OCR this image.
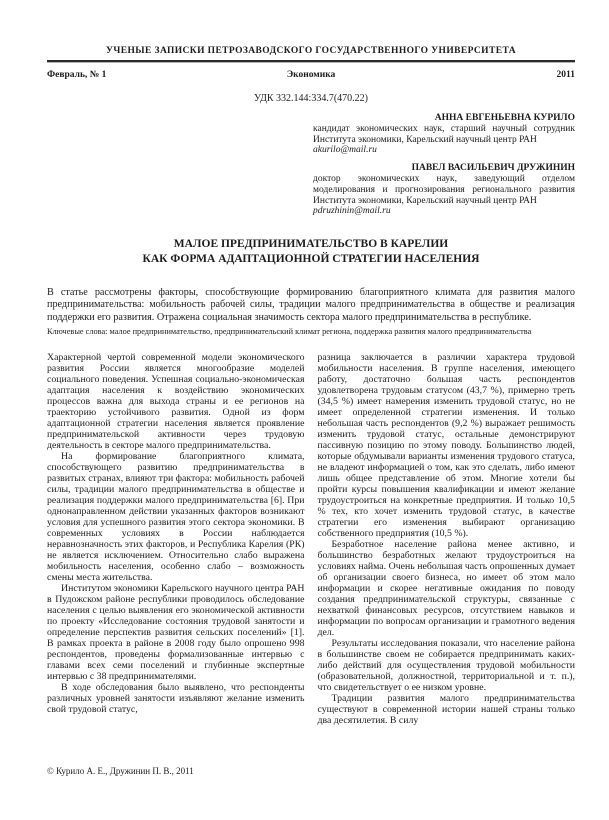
УЧЕНЫЕ ЗАПИСКИ ПЕТРОЗАВОДСКОГО ГОСУДАРСТВЕННОГО УНИВЕРСИТЕТА
Февраль, № 1	Экономика	2011
УДК 332.144:334.7(470.22)
АННА ЕВГЕНЬЕВНА КУРИЛО
кандидат экономических наук, старший научный сотрудник Института экономики, Карельский научный центр РАН
akurilo@mail.ru
ПАВЕЛ ВАСИЛЬЕВИЧ ДРУЖИНИН
доктор экономических наук, заведующий отделом моделирования и прогнозирования регионального развития Института экономики, Карельский научный центр РАН
pdruzhinin@mail.ru
МАЛОЕ ПРЕДПРИНИМАТЕЛЬСТВО В КАРЕЛИИ
КАК ФОРМА АДАПТАЦИОННОЙ СТРАТЕГИИ НАСЕЛЕНИЯ

В статье рассмотрены факторы, способствующие формированию благоприятного климата для развития малого предпринимательства: мобильность рабочей силы, традиции малого предпринимательства в обществе и реализация поддержки его развития. Отражена социальная значимость сектора малого предпринимательства в республике.

Ключевые слова: малое предпринимательство, предпринимательский климат региона, поддержка развития малого предпринимательства

Характерной чертой современной модели экономического развития России является многообразие моделей социального поведения. Успешная социально-экономическая адаптация населения к воздействию экономических процессов важна для выхода страны и ее регионов на траекторию устойчивого развития. Одной из форм адаптационной стратегии населения является проявление предпринимательской активности через трудовую деятельность в секторе малого предпринимательства.

На формирование благоприятного климата, способствующего развитию предпринимательства в развитых странах, влияют три фактора: мобильность рабочей силы, традиции малого предпринимательства в обществе и реализация поддержки малого предпринимательства [6]. При однонаправленном действии указанных факторов возникают условия для успешного развития этого сектора экономики. В современных условиях в России наблюдается неравнозначность этих факторов, и Республика Карелия (РК) не является исключением. Относительно слабо выражена мобильность населения, особенно слабо – возможность смены места жительства.

Институтом экономики Карельского научного центра РАН в Пудожском районе республики проводилось обследование населения с целью выявления его экономической активности по проекту «Исследование состояния трудовой занятости и определение перспектив развития сельских поселений» [1]. В рамках проекта в районе в 2008 году было опрошено 998 респондентов, проведены формализованные интервью с главами всех семи поселений и глубинные экспертные интервью с 38 предпринимателями.

В ходе обследования было выявлено, что респонденты различных уровней занятости изъявляют желание изменить свой трудовой статус,

разница заключается в различии характера трудовой мобильности населения. В группе населения, имеющего работу, достаточно большая часть респондентов удовлетворена трудовым статусом (43,7 %), примерно треть (34,5 %) имеет намерения изменить трудовой статус, но не имеет определенной стратегии изменения. И только небольшая часть респондентов (9,2 %) выражает решимость изменить трудовой статус, остальные демонстрируют пассивную позицию по этому поводу. Большинство людей, которые обдумывали варианты изменения трудового статуса, не владеют информацией о том, как это сделать, либо имеют лишь общее представление об этом. Многие хотели бы пройти курсы повышения квалификации и имеют желание трудоустроиться на конкретные предприятия. И только 10,5 % тех, кто хочет изменить трудовой статус, в качестве стратегии его изменения выбирают организацию собственного предприятия (10,5 %).

Безработное население района менее активно, и большинство безработных желают трудоустроиться на условиях найма. Очень небольшая часть опрошенных думает об организации своего бизнеса, но имеет об этом мало информации и скорее негативные ожидания по поводу создания предпринимательской структуры, связанные с нехваткой финансовых ресурсов, отсутствием навыков и информации по вопросам организации и грамотного ведения дел.

Результаты исследования показали, что население района в большинстве своем не собирается предпринимать каких-либо действий для осуществления трудовой мобильности (образовательной, должностной, территориальной и т. п.), что свидетельствует о ее низком уровне.

Традиции развития малого предпринимательства существуют в современной истории нашей страны только два десятилетия. В силу

© Курило А. Е., Дружинин П. В., 2011
